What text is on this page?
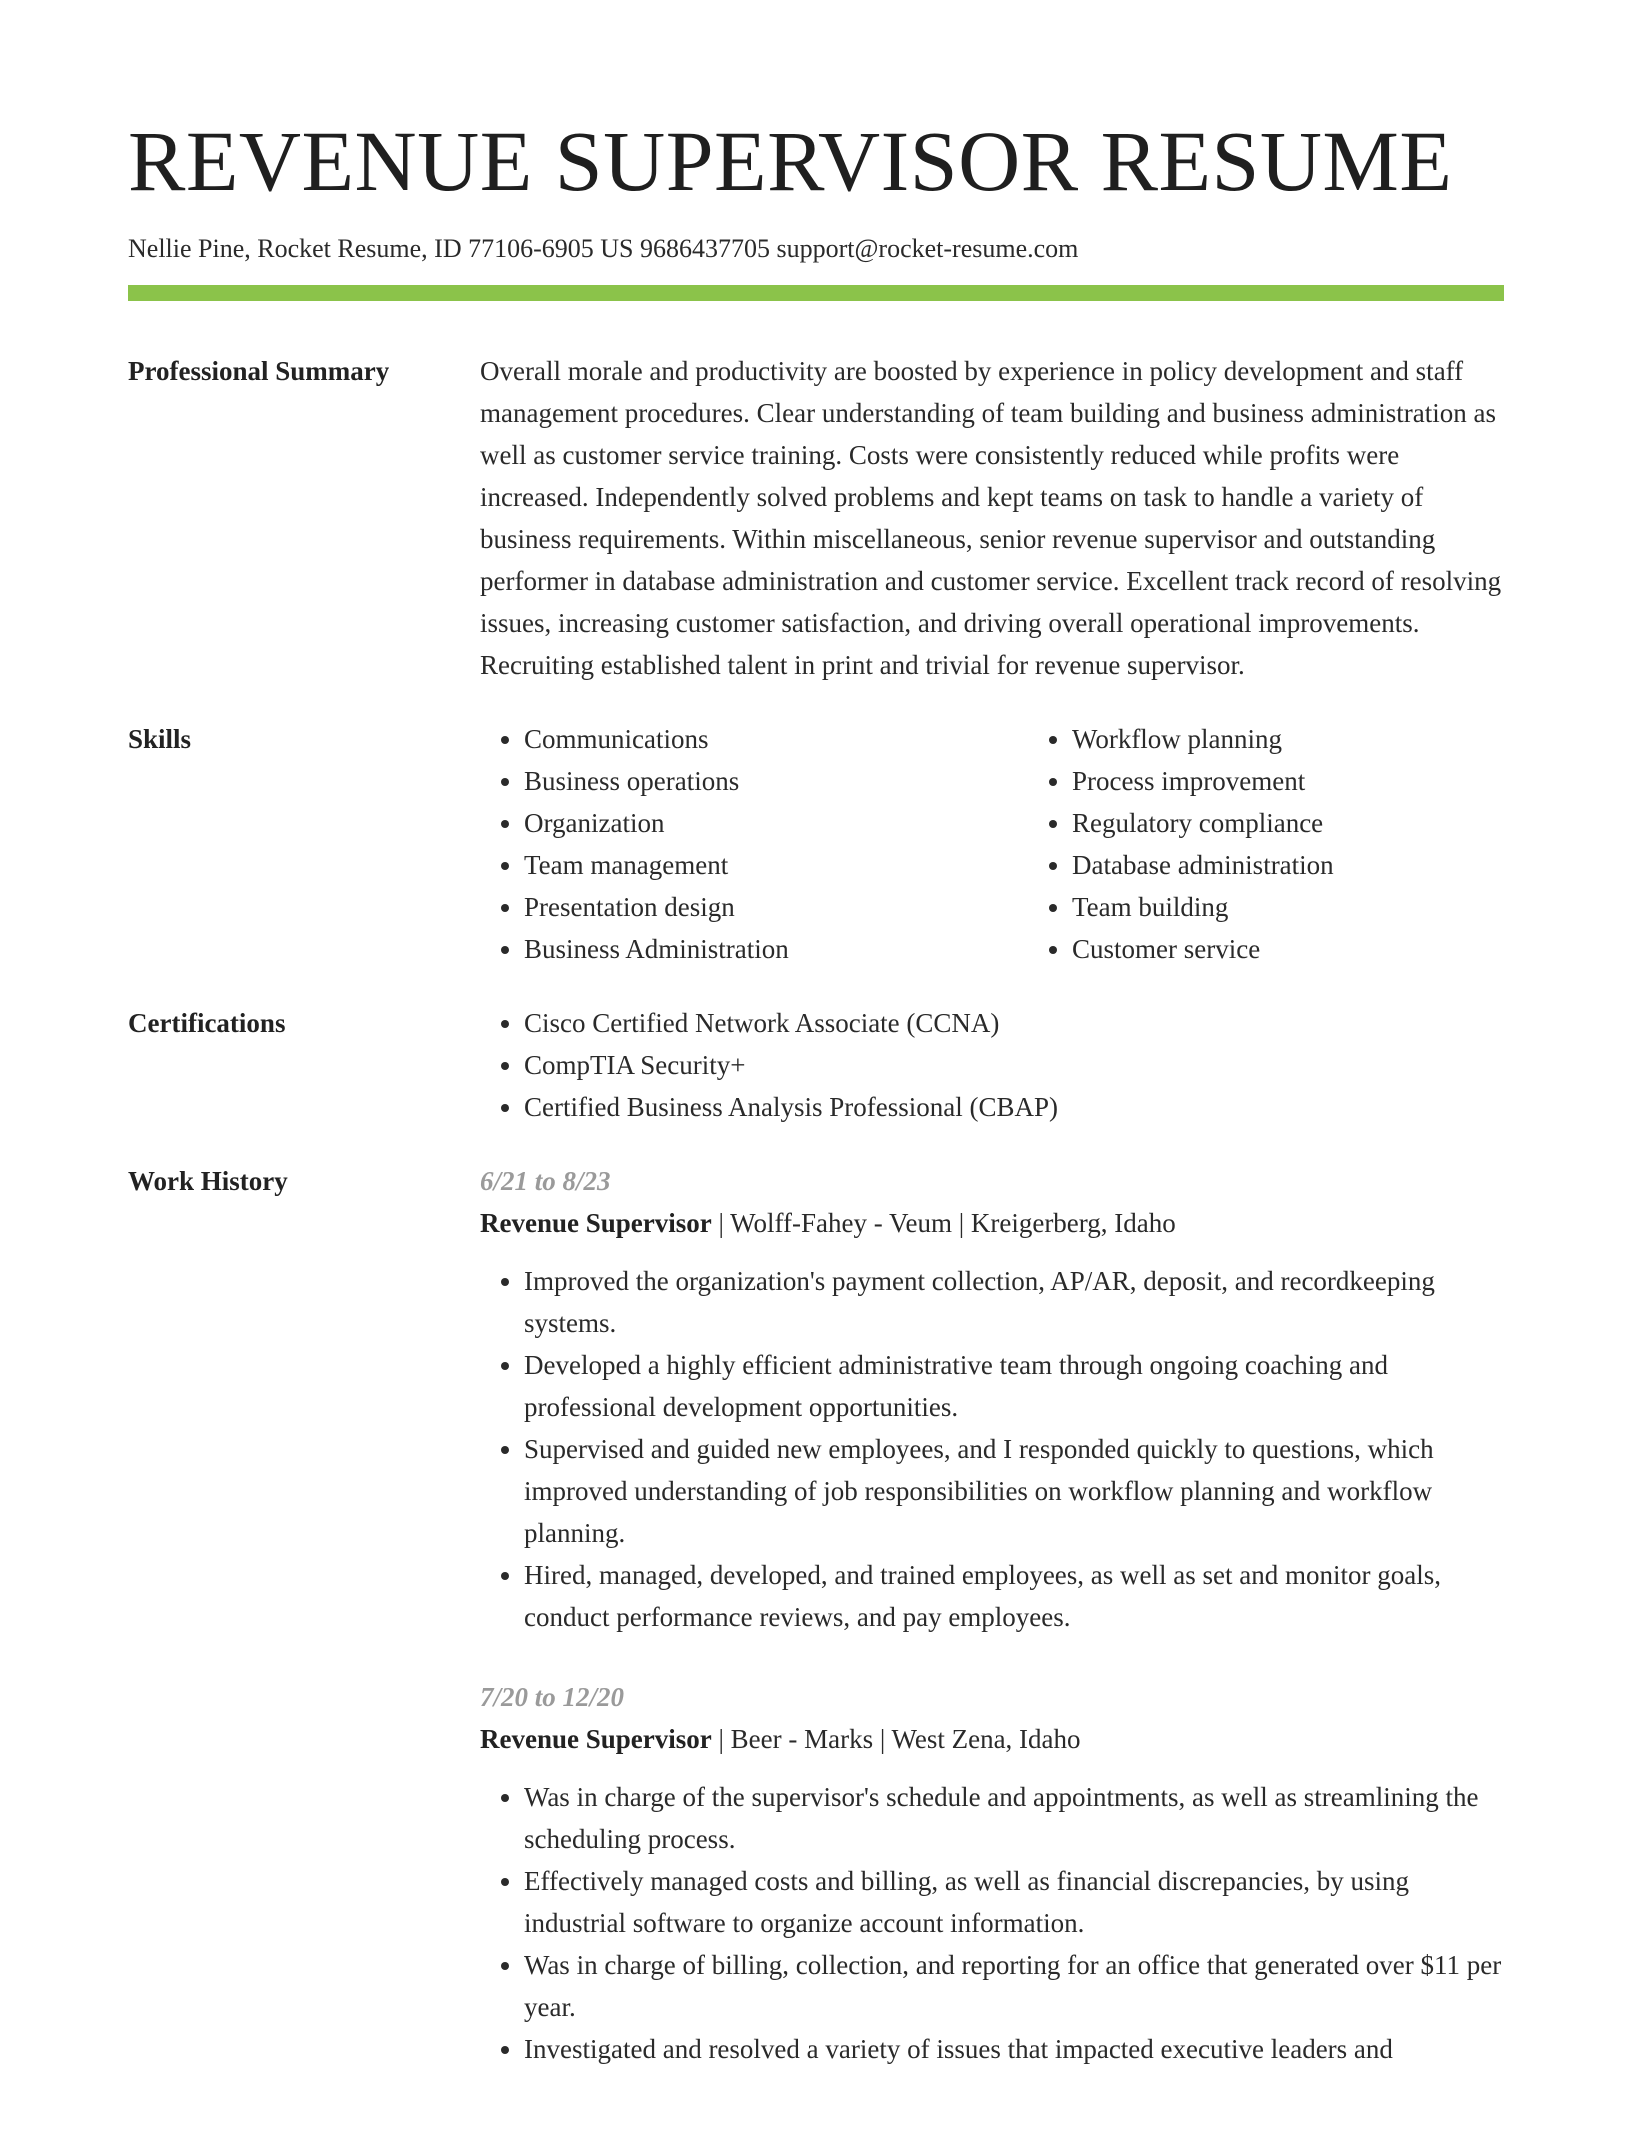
REVENUE SUPERVISOR RESUME
Nellie Pine, Rocket Resume, ID 77106-6905 US 9686437705 support@rocket-resume.com
Professional Summary	Overall morale and productivity are boosted by experience in policy development and staff management procedures. Clear understanding of team building and business administration as well as customer service training. Costs were consistently reduced while profits were increased. Independently solved problems and kept teams on task to handle a variety of business requirements. Within miscellaneous, senior revenue supervisor and outstanding performer in database administration and customer service. Excellent track record of resolving issues, increasing customer satisfaction, and driving overall operational improvements. Recruiting established talent in print and trivial for revenue supervisor.

Skills	• Communications
• Business operations
• Organization
• Team management
• Presentation design
• Business Administration
• Workflow planning
• Process improvement
• Regulatory compliance
• Database administration
• Team building
• Customer service
Certifications	• Cisco Certified Network Associate (CCNA)
• CompTIA Security+
• Certified Business Analysis Professional (CBAP)
Work History	6/21 to 8/23
Revenue Supervisor | Wolff-Fahey - Veum | Kreigerberg, Idaho
• Improved the organization's payment collection, AP/AR, deposit, and recordkeeping systems.
• Developed a highly efficient administrative team through ongoing coaching and professional development opportunities.
• Supervised and guided new employees, and I responded quickly to questions, which improved understanding of job responsibilities on workflow planning and workflow planning.
• Hired, managed, developed, and trained employees, as well as set and monitor goals, conduct performance reviews, and pay employees.
7/20 to 12/20
Revenue Supervisor | Beer - Marks | West Zena, Idaho
• Was in charge of the supervisor's schedule and appointments, as well as streamlining the scheduling process.
• Effectively managed costs and billing, as well as financial discrepancies, by using industrial software to organize account information.
• Was in charge of billing, collection, and reporting for an office that generated over $11 per year.
• Investigated and resolved a variety of issues that impacted executive leaders and
